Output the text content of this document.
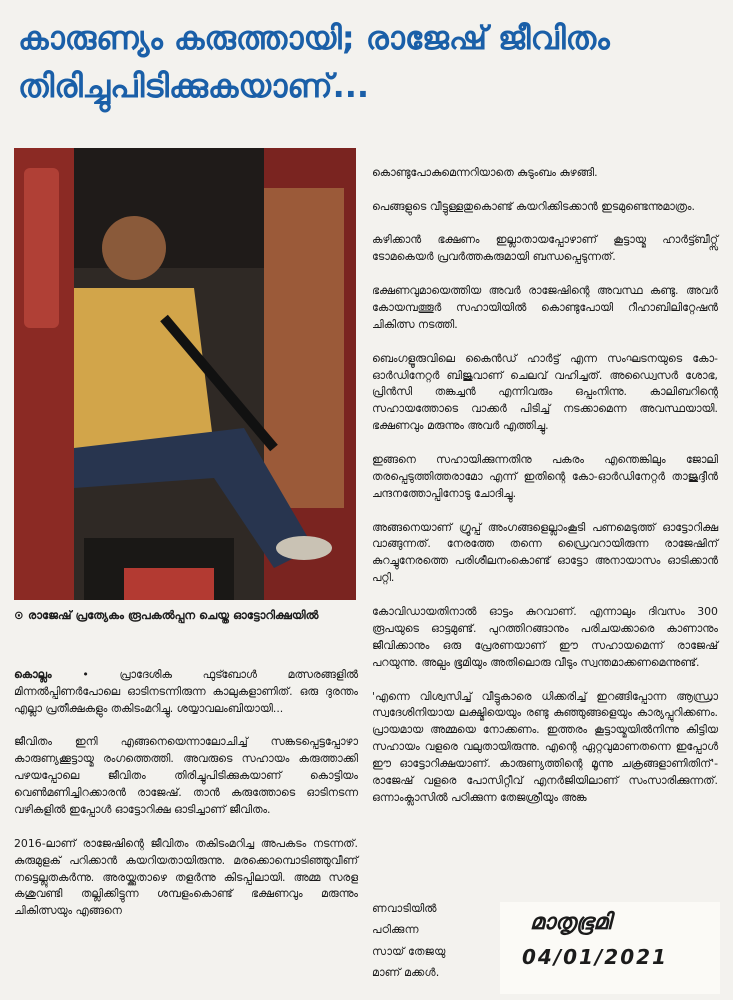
കാരുണ്യം കരുത്തായി; രാജേഷ് ജീവിതം തിരിച്ചുപിടിക്കുകയാണ്...
⊙ രാജേഷ് പ്രത്യേകം രൂപകൽപ്പന ചെയ്ത ഓട്ടോറിക്ഷയിൽ

കൊല്ലം • പ്രാദേശിക ഫുട്ബോൾ മത്സരങ്ങളിൽ മിന്നൽപ്പിണർപോലെ ഓടിനടന്നിരുന്ന കാലുകളാണിത്. ഒരു ദുരന്തം എല്ലാ പ്രതീക്ഷകളും തകിടംമറിച്ചു. ശയ്യാവലംബിയായി...

ജീവിതം ഇനി എങ്ങനെയെന്നാലോചിച്ച് സങ്കടപ്പെട്ടപ്പോഴാ കാരുണ്യക്കൂട്ടായ്മ രംഗത്തെത്തി. അവരുടെ സഹായം കരുത്താക്കി പഴയപ്പോലെ ജീവിതം തിരിച്ചുപിടിക്കുകയാണ് കൊട്ടിയം വെൺമണിച്ചിറക്കാരൻ രാജേഷ്. താൻ കരുത്തോടെ ഓടിനടന്ന വഴികളിൽ ഇപ്പോൾ ഓട്ടോറിക്ഷ ഓടിച്ചാണ് ജീവിതം.

2016-ലാണ് രാജേഷിന്റെ ജീവിതം തകിടംമറിച്ച അപകടം നടന്നത്. കുരുമുളക് പറിക്കാൻ കയറിയതായിരുന്നു. മരക്കൊമ്പൊടിഞ്ഞുവീണ് നട്ടെല്ലുതകർന്നു. അരയ്ക്കുതാഴെ തളർന്നു കിടപ്പിലായി. അമ്മ സരള കശുവണ്ടി തല്ലിക്കിട്ടുന്ന ശമ്പളംകൊണ്ട് ഭക്ഷണവും മരുന്നും ചികിത്സയും എങ്ങനെ

കൊണ്ടുപോകുമെന്നറിയാതെ കുടുംബം കുഴങ്ങി.

പെങ്ങളുടെ വീട്ടുള്ളതുകൊണ്ട് കയറിക്കിടക്കാൻ ഇടമുണ്ടെന്നുമാത്രം.

കഴിക്കാൻ ഭക്ഷണം ഇല്ലാതായപ്പോഴാണ് കൂട്ടായ്മ ഹാർട്ട്ബീറ്റ്സ് ടോമകെയർ പ്രവർത്തകരുമായി ബന്ധപ്പെടുന്നത്.

ഭക്ഷണവുമായെത്തിയ അവർ രാജേഷിന്റെ അവസ്ഥ കണ്ടു. അവർ കോയമ്പത്തൂർ സഹായിയിൽ കൊണ്ടുപോയി റീഹാബിലിറ്റേഷൻ ചികിത്സ നടത്തി.

ബെംഗളൂരുവിലെ കൈൻഡ് ഹാർട്ട് എന്ന സംഘടനയുടെ കോ-ഓർഡിനേറ്റർ ബിജുവാണ് ചെലവ് വഹിച്ചത്. അഡ്വൈസർ ശോഭ, പ്രിൻസി തങ്കച്ചൻ എന്നിവരും ഒപ്പംനിന്നു. കാലിബറിന്റെ സഹായത്തോടെ വാക്കർ പിടിച്ച് നടക്കാമെന്ന അവസ്ഥയായി. ഭക്ഷണവും മരുന്നും അവർ എത്തിച്ചു.

ഇങ്ങനെ സഹായിക്കുന്നതിനു പകരം എന്തെങ്കിലും ജോലി തരപ്പെടുത്തിത്തരാമോ എന്ന് ഇതിന്റെ കോ-ഓർഡിനേറ്റർ താജുദ്ദീൻ ചന്ദനത്തോപ്പിനോടു ചോദിച്ചു.

അങ്ങനെയാണ് ഗ്രൂപ്പ് അംഗങ്ങളെല്ലാംകൂടി പണമെടുത്ത് ഓട്ടോറിക്ഷ വാങ്ങുന്നത്. നേരത്തേ തന്നെ ഡ്രൈവറായിരുന്ന രാജേഷിന് കുറച്ചുനേരത്തെ പരിശീലനംകൊണ്ട് ഓട്ടോ അനായാസം ഓടിക്കാൻ പറ്റി.

കോവിഡായതിനാൽ ഓട്ടം കുറവാണ്. എന്നാലും ദിവസം 300 രൂപയുടെ ഓട്ടമുണ്ട്. പുറത്തിറങ്ങാനും പരിചയക്കാരെ കാണാനും ജീവിക്കാനും ഒരു പ്രേരണയാണ് ഈ സഹായമെന്ന് രാജേഷ് പറയുന്നു. അല്പം ഭൂമിയും അതിലൊരു വീടും സ്വന്തമാക്കണമെന്നുണ്ട്.

'എന്നെ വിശ്വസിച്ച് വീട്ടുകാരെ ധിക്കരിച്ച് ഇറങ്ങിപ്പോന്ന ആന്ധ്രാ സ്വദേശിനിയായ ലക്ഷ്മിയെയും രണ്ടു കുഞ്ഞുങ്ങളെയും കാര്യപ്പുറിക്കണം. പ്രായമായ അമ്മയെ നോക്കണം. ഇത്തരം കൂട്ടായ്മയിൽനിന്നു കിട്ടിയ സഹായം വളരെ വലുതായിരുന്നു. എന്റെ ഏറ്റവുമാണതന്നെ ഇപ്പോൾ ഈ ഓട്ടോറിക്ഷയാണ്. കാരുണ്യത്തിന്റെ മൂന്നു ചക്രങ്ങളാണിതിന്'-രാജേഷ് വളരെ പോസിറ്റീവ് എനർജിയിലാണ് സംസാരിക്കുന്നത്. ഒന്നാംക്ലാസിൽ പഠിക്കുന്ന തേജശ്രീയും അങ്ക

ണവാടിയിൽ
പഠിക്കുന്ന
സായ് തേജയു
മാണ് മക്കൾ.
മാതൃഭൂമി
04/01/2021
